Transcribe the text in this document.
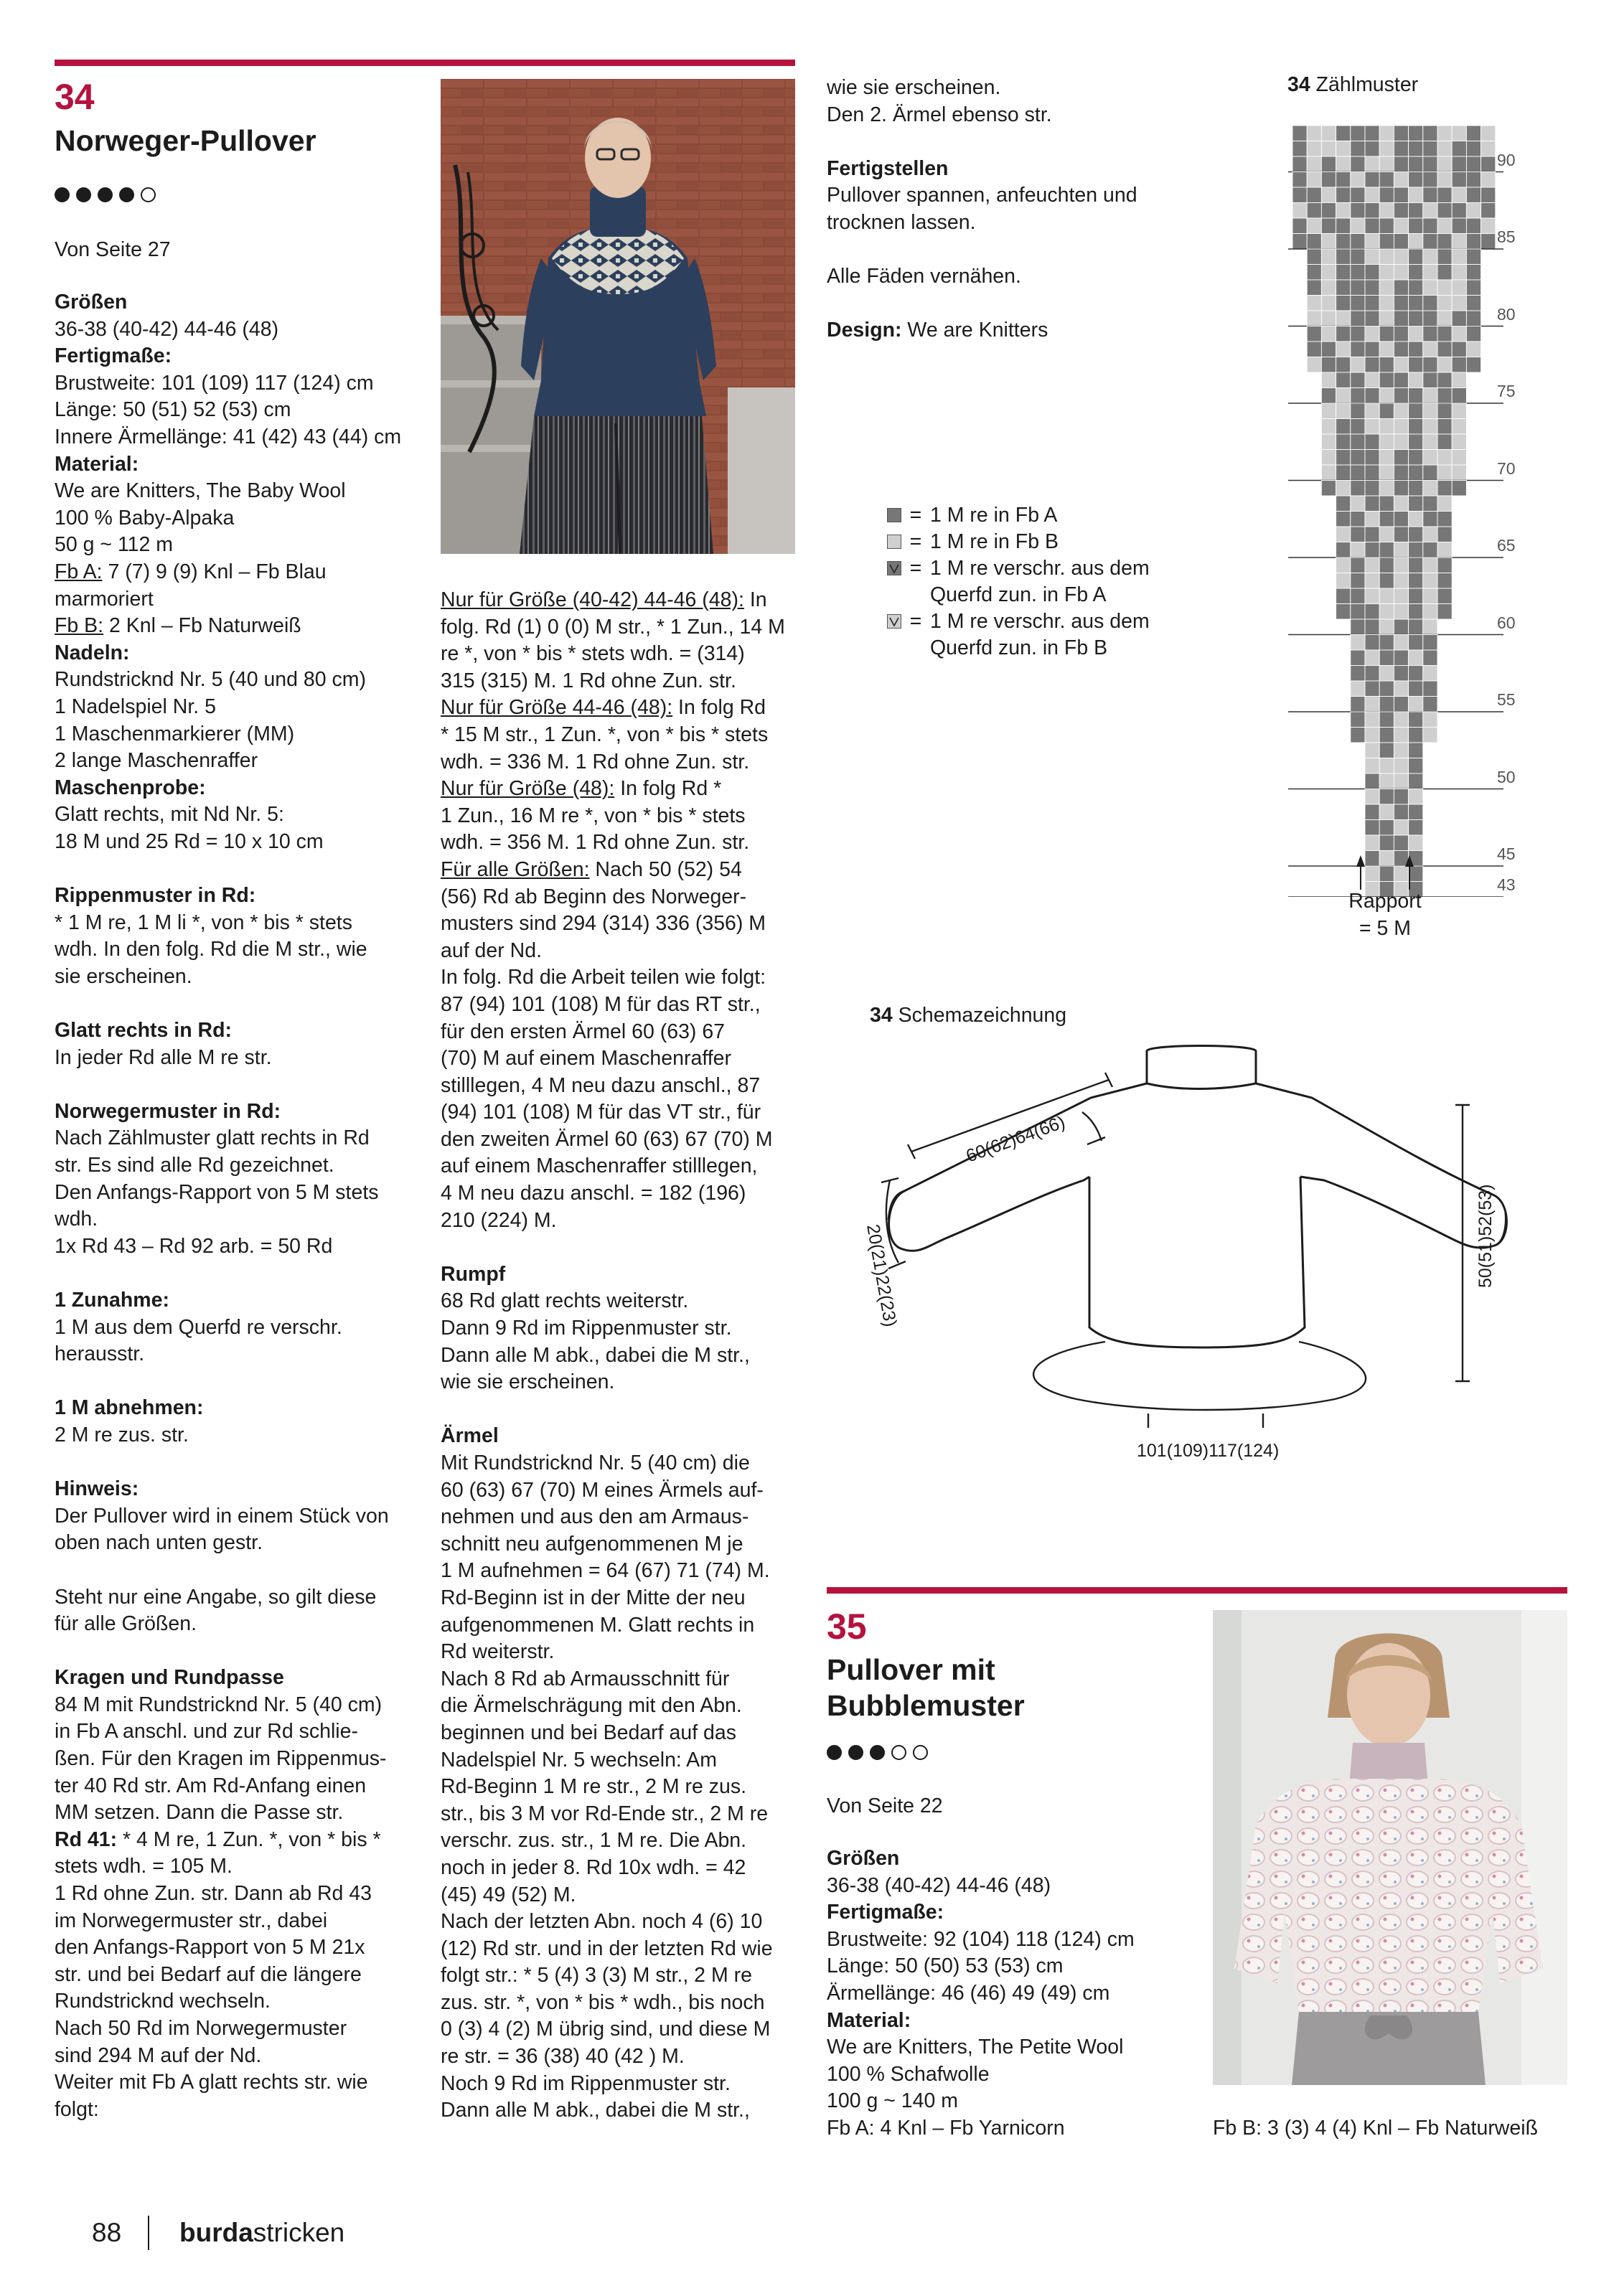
34
Norweger-Pullover
Von Seite 27
Größen
36-38 (40-42) 44-46 (48)
Fertigmaße:
Brustweite: 101 (109) 117 (124) cm
Länge: 50 (51) 52 (53) cm
Innere Ärmellänge: 41 (42) 43 (44) cm
Material:
We are Knitters, The Baby Wool
100 % Baby-Alpaka
50 g ~ 112 m
Fb A: 7 (7) 9 (9) Knl – Fb Blau
marmoriert
Fb B: 2 Knl – Fb Naturweiß
Nadeln:
Rundstricknd Nr. 5 (40 und 80 cm)
1 Nadelspiel Nr. 5
1 Maschenmarkierer (MM)
2 lange Maschenraffer
Maschenprobe:
Glatt rechts, mit Nd Nr. 5:
18 M und 25 Rd = 10 x 10 cm
Rippenmuster in Rd:
* 1 M re, 1 M li *, von * bis * stets
wdh. In den folg. Rd die M str., wie
sie erscheinen.
Glatt rechts in Rd:
In jeder Rd alle M re str.
Norwegermuster in Rd:
Nach Zählmuster glatt rechts in Rd
str. Es sind alle Rd gezeichnet.
Den Anfangs-Rapport von 5 M stets
wdh.
1x Rd 43 – Rd 92 arb. = 50 Rd
1 Zunahme:
1 M aus dem Querfd re verschr.
herausstr.
1 M abnehmen:
2 M re zus. str.
Hinweis:
Der Pullover wird in einem Stück von
oben nach unten gestr.
Steht nur eine Angabe, so gilt diese
für alle Größen.
Kragen und Rundpasse
84 M mit Rundstricknd Nr. 5 (40 cm)
in Fb A anschl. und zur Rd schlie-
ßen. Für den Kragen im Rippenmus-
ter 40 Rd str. Am Rd-Anfang einen
MM setzen. Dann die Passe str.
Rd 41: * 4 M re, 1 Zun. *, von * bis *
stets wdh. = 105 M.
1 Rd ohne Zun. str. Dann ab Rd 43
im Norwegermuster str., dabei
den Anfangs-Rapport von 5 M 21x
str. und bei Bedarf auf die längere
Rundstricknd wechseln.
Nach 50 Rd im Norwegermuster
sind 294 M auf der Nd.
Weiter mit Fb A glatt rechts str. wie
folgt:
Nur für Größe (40-42) 44-46 (48): In
folg. Rd (1) 0 (0) M str., * 1 Zun., 14 M
re *, von * bis * stets wdh. = (314)
315 (315) M. 1 Rd ohne Zun. str.
Nur für Größe 44-46 (48): In folg Rd
* 15 M str., 1 Zun. *, von * bis * stets
wdh. = 336 M. 1 Rd ohne Zun. str.
Nur für Größe (48): In folg Rd *
1 Zun., 16 M re *, von * bis * stets
wdh. = 356 M. 1 Rd ohne Zun. str.
Für alle Größen: Nach 50 (52) 54
(56) Rd ab Beginn des Norweger-
musters sind 294 (314) 336 (356) M
auf der Nd.
In folg. Rd die Arbeit teilen wie folgt:
87 (94) 101 (108) M für das RT str.,
für den ersten Ärmel 60 (63) 67
(70) M auf einem Maschenraffer
stilllegen, 4 M neu dazu anschl., 87
(94) 101 (108) M für das VT str., für
den zweiten Ärmel 60 (63) 67 (70) M
auf einem Maschenraffer stilllegen,
4 M neu dazu anschl. = 182 (196)
210 (224) M.
Rumpf
68 Rd glatt rechts weiterstr.
Dann 9 Rd im Rippenmuster str.
Dann alle M abk., dabei die M str.,
wie sie erscheinen.
Ärmel
Mit Rundstricknd Nr. 5 (40 cm) die
60 (63) 67 (70) M eines Ärmels auf-
nehmen und aus den am Armaus-
schnitt neu aufgenommenen M je
1 M aufnehmen = 64 (67) 71 (74) M.
Rd-Beginn ist in der Mitte der neu
aufgenommenen M. Glatt rechts in
Rd weiterstr.
Nach 8 Rd ab Armausschnitt für
die Ärmelschrägung mit den Abn.
beginnen und bei Bedarf auf das
Nadelspiel Nr. 5 wechseln: Am
Rd-Beginn 1 M re str., 2 M re zus.
str., bis 3 M vor Rd-Ende str., 2 M re
verschr. zus. str., 1 M re. Die Abn.
noch in jeder 8. Rd 10x wdh. = 42
(45) 49 (52) M.
Nach der letzten Abn. noch 4 (6) 10
(12) Rd str. und in der letzten Rd wie
folgt str.: * 5 (4) 3 (3) M str., 2 M re
zus. str. *, von * bis * wdh., bis noch
0 (3) 4 (2) M übrig sind, und diese M
re str. = 36 (38) 40 (42 ) M.
Noch 9 Rd im Rippenmuster str.
Dann alle M abk., dabei die M str.,
wie sie erscheinen.
Den 2. Ärmel ebenso str.
Fertigstellen
Pullover spannen, anfeuchten und
trocknen lassen.
Alle Fäden vernähen.
Design: We are Knitters
34 Zählmuster
90
85
80
75
70
65
60
55
50
45
43
Rapport
= 5 M
= 1 M re in Fb A
= 1 M re in Fb B
= 1 M re verschr. aus dem
Querfd zun. in Fb A
= 1 M re verschr. aus dem
Querfd zun. in Fb B
34 Schemazeichnung
60(62)64(66)
20(21)22(23)	50(51)52(53)
101(109)117(124)
35
Pullover mit
Bubblemuster
Von Seite 22
Größen
36-38 (40-42) 44-46 (48)
Fertigmaße:
Brustweite: 92 (104) 118 (124) cm
Länge: 50 (50) 53 (53) cm
Ärmellänge: 46 (46) 49 (49) cm
Material:
We are Knitters, The Petite Wool
100 % Schafwolle
100 g ~ 140 m
Fb A: 4 Knl – Fb Yarnicorn	Fb B: 3 (3) 4 (4) Knl – Fb Naturweiß
88 burdastricken
